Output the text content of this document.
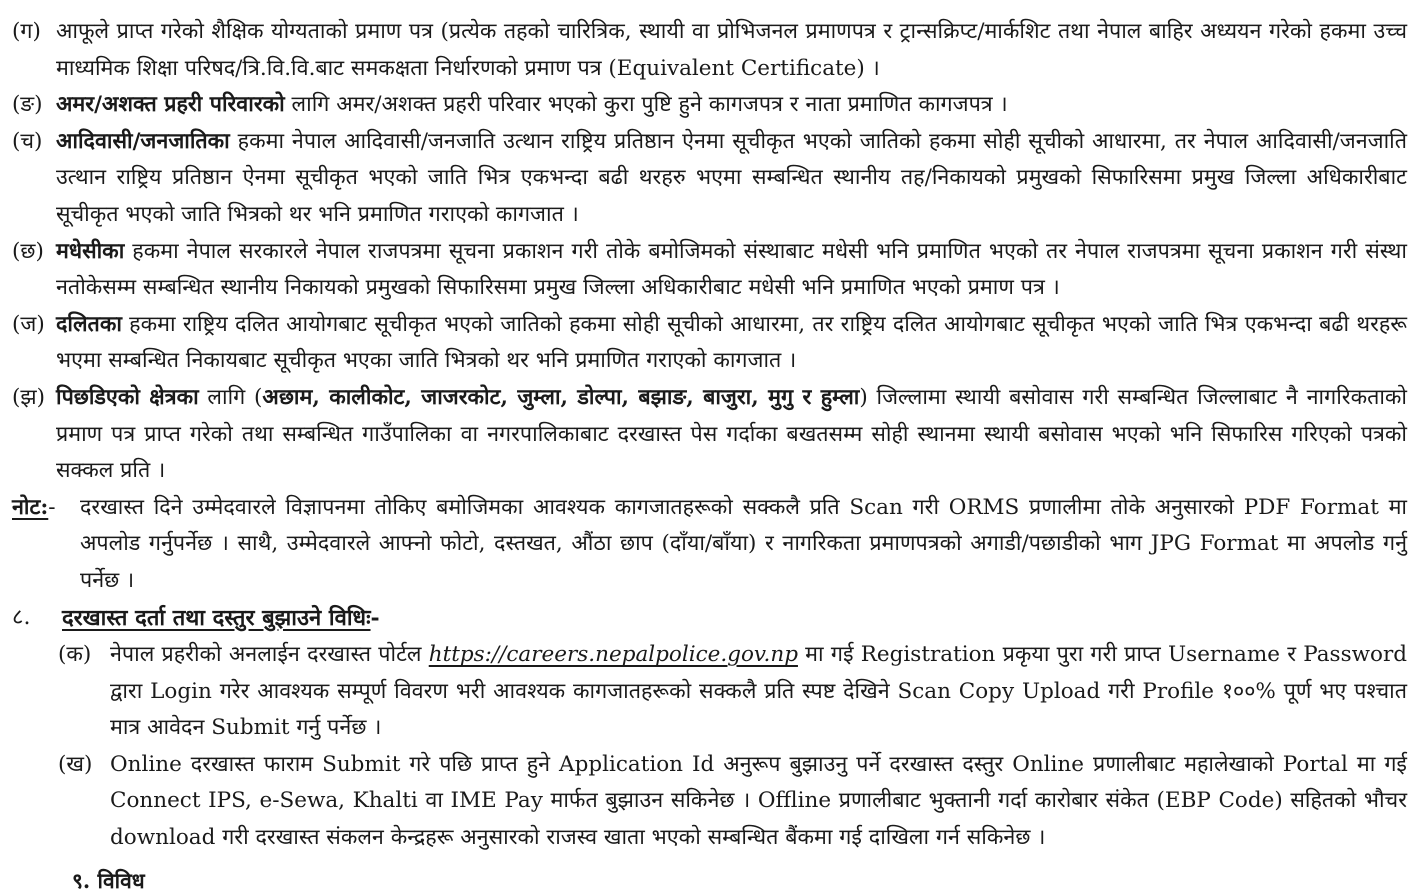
(ग) आफूले प्राप्त गरेको शैक्षिक योग्यताको प्रमाण पत्र (प्रत्येक तहको चारित्रिक, स्थायी वा प्रोभिजनल प्रमाणपत्र र ट्रान्सक्रिप्ट/मार्कशिट तथा नेपाल बाहिर अध्ययन गरेको हकमा उच्च माध्यमिक शिक्षा परिषद/त्रि.वि.वि.बाट समकक्षता निर्धारणको प्रमाण पत्र (Equivalent Certificate) ।
(ङ) अमर/अशक्त प्रहरी परिवारको लागि अमर/अशक्त प्रहरी परिवार भएको कुरा पुष्टि हुने कागजपत्र र नाता प्रमाणित कागजपत्र ।
(च) आदिवासी/जनजातिका हकमा नेपाल आदिवासी/जनजाति उत्थान राष्ट्रिय प्रतिष्ठान ऐनमा सूचीकृत भएको जातिको हकमा सोही सूचीको आधारमा, तर नेपाल आदिवासी/जनजाति उत्थान राष्ट्रिय प्रतिष्ठान ऐनमा सूचीकृत भएको जाति भित्र एकभन्दा बढी थरहरु भएमा सम्बन्धित स्थानीय तह/निकायको प्रमुखको सिफारिसमा प्रमुख जिल्ला अधिकारीबाट सूचीकृत भएको जाति भित्रको थर भनि प्रमाणित गराएको कागजात ।
(छ) मधेसीका हकमा नेपाल सरकारले नेपाल राजपत्रमा सूचना प्रकाशन गरी तोके बमोजिमको संस्थाबाट मधेसी भनि प्रमाणित भएको तर नेपाल राजपत्रमा सूचना प्रकाशन गरी संस्था नतोकेसम्म सम्बन्धित स्थानीय निकायको प्रमुखको सिफारिसमा प्रमुख जिल्ला अधिकारीबाट मधेसी भनि प्रमाणित भएको प्रमाण पत्र ।
(ज) दलितका हकमा राष्ट्रिय दलित आयोगबाट सूचीकृत भएको जातिको हकमा सोही सूचीको आधारमा, तर राष्ट्रिय दलित आयोगबाट सूचीकृत भएको जाति भित्र एकभन्दा बढी थरहरू भएमा सम्बन्धित निकायबाट सूचीकृत भएका जाति भित्रको थर भनि प्रमाणित गराएको कागजात ।
(झ) पिछडिएको क्षेत्रका लागि (अछाम, कालीकोट, जाजरकोट, जुम्ला, डोल्पा, बझाङ, बाजुरा, मुगु र हुम्ला) जिल्लामा स्थायी बसोवास गरी सम्बन्धित जिल्लाबाट नै नागरिकताको प्रमाण पत्र प्राप्त गरेको तथा सम्बन्धित गाउँपालिका वा नगरपालिकाबाट दरखास्त पेस गर्दाका बखतसम्म सोही स्थानमा स्थायी बसोवास भएको भनि सिफारिस गरिएको पत्रको सक्कल प्रति ।
नोट:-	दरखास्त दिने उम्मेदवारले विज्ञापनमा तोकिए बमोजिमका आवश्यक कागजातहरूको सक्कलै प्रति Scan गरी ORMS प्रणालीमा तोके अनुसारको PDF Format मा अपलोड गर्नुपर्नेछ । साथै, उम्मेदवारले आफ्नो फोटो, दस्तखत, औंठा छाप (दाँया/बाँया) र नागरिकता प्रमाणपत्रको अगाडी/पछाडीको भाग JPG Format मा अपलोड गर्नु पर्नेछ ।
८.	दरखास्त दर्ता तथा दस्तुर बुझाउने विधिः-
(क) नेपाल प्रहरीको अनलाईन दरखास्त पोर्टल https://careers.nepalpolice.gov.np मा गई Registration प्रकृया पुरा गरी प्राप्त Username र Password द्वारा Login गरेर आवश्यक सम्पूर्ण विवरण भरी आवश्यक कागजातहरूको सक्कलै प्रति स्पष्ट देखिने Scan Copy Upload गरी Profile १००% पूर्ण भए पश्चात मात्र आवेदन Submit गर्नु पर्नेछ ।
(ख) Online दरखास्त फाराम Submit गरे पछि प्राप्त हुने Application Id अनुरूप बुझाउनु पर्ने दरखास्त दस्तुर Online प्रणालीबाट महालेखाको Portal मा गई Connect IPS, e-Sewa, Khalti वा IME Pay मार्फत बुझाउन सकिनेछ । Offline प्रणालीबाट भुक्तानी गर्दा कारोबार संकेत (EBP Code) सहितको भौचर download गरी दरखास्त संकलन केन्द्रहरू अनुसारको राजस्व खाता भएको सम्बन्धित बैंकमा गई दाखिला गर्न सकिनेछ ।
९. विविध
